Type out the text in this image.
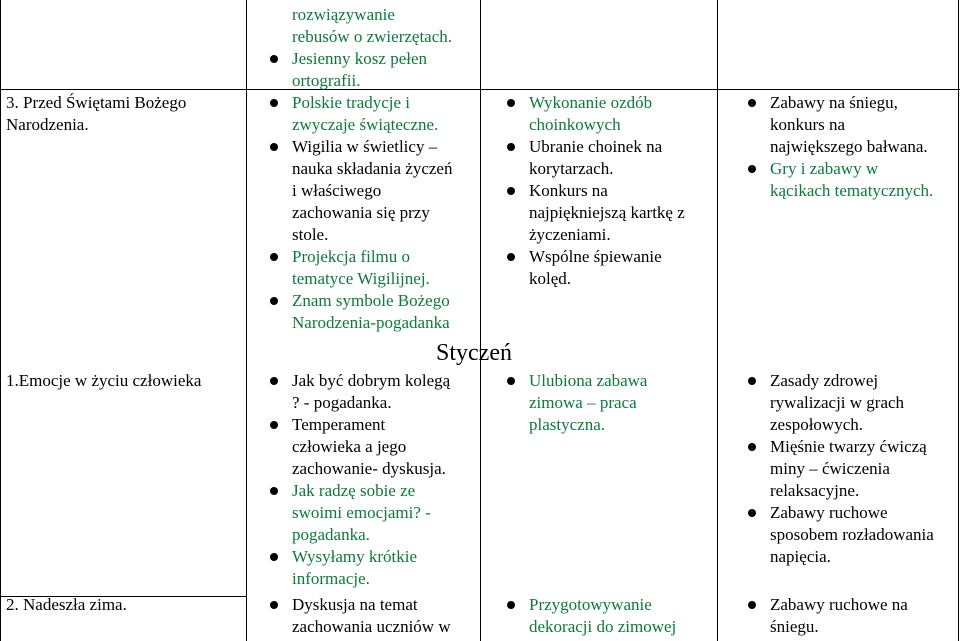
rozwiązywanie
rebusów o zwierzętach.
Jesienny kosz pełen
ortografii.
3. Przed Świętami Bożego
Narodzenia.
Polskie tradycje i
zwyczaje świąteczne.
Wigilia w świetlicy –
nauka składania życzeń
i właściwego
zachowania się przy
stole.
Projekcja filmu o
tematyce Wigilijnej.
Znam symbole Bożego
Narodzenia-pogadanka
Wykonanie ozdób
choinkowych
Ubranie choinek na
korytarzach.
Konkurs na
najpiękniejszą kartkę z
życzeniami.
Wspólne śpiewanie
kolęd.
Zabawy na śniegu,
konkurs na
największego bałwana.
Gry i zabawy w
kącikach tematycznych.
Styczeń
1.Emocje w życiu człowieka	Jak być dobrym kolegą
? - pogadanka.
Temperament
człowieka a jego
zachowanie- dyskusja.
Jak radzę sobie ze
swoimi emocjami? -
pogadanka.
Wysyłamy krótkie
informacje.
Ulubiona zabawa
zimowa – praca
plastyczna.
Zasady zdrowej
rywalizacji w grach
zespołowych.
Mięśnie twarzy ćwiczą
miny – ćwiczenia
relaksacyjne.
Zabawy ruchowe
sposobem rozładowania
napięcia.
2. Nadeszła zima.	Dyskusja na temat
zachowania uczniów w
Przygotowywanie
dekoracji do zimowej
Zabawy ruchowe na
śniegu.
